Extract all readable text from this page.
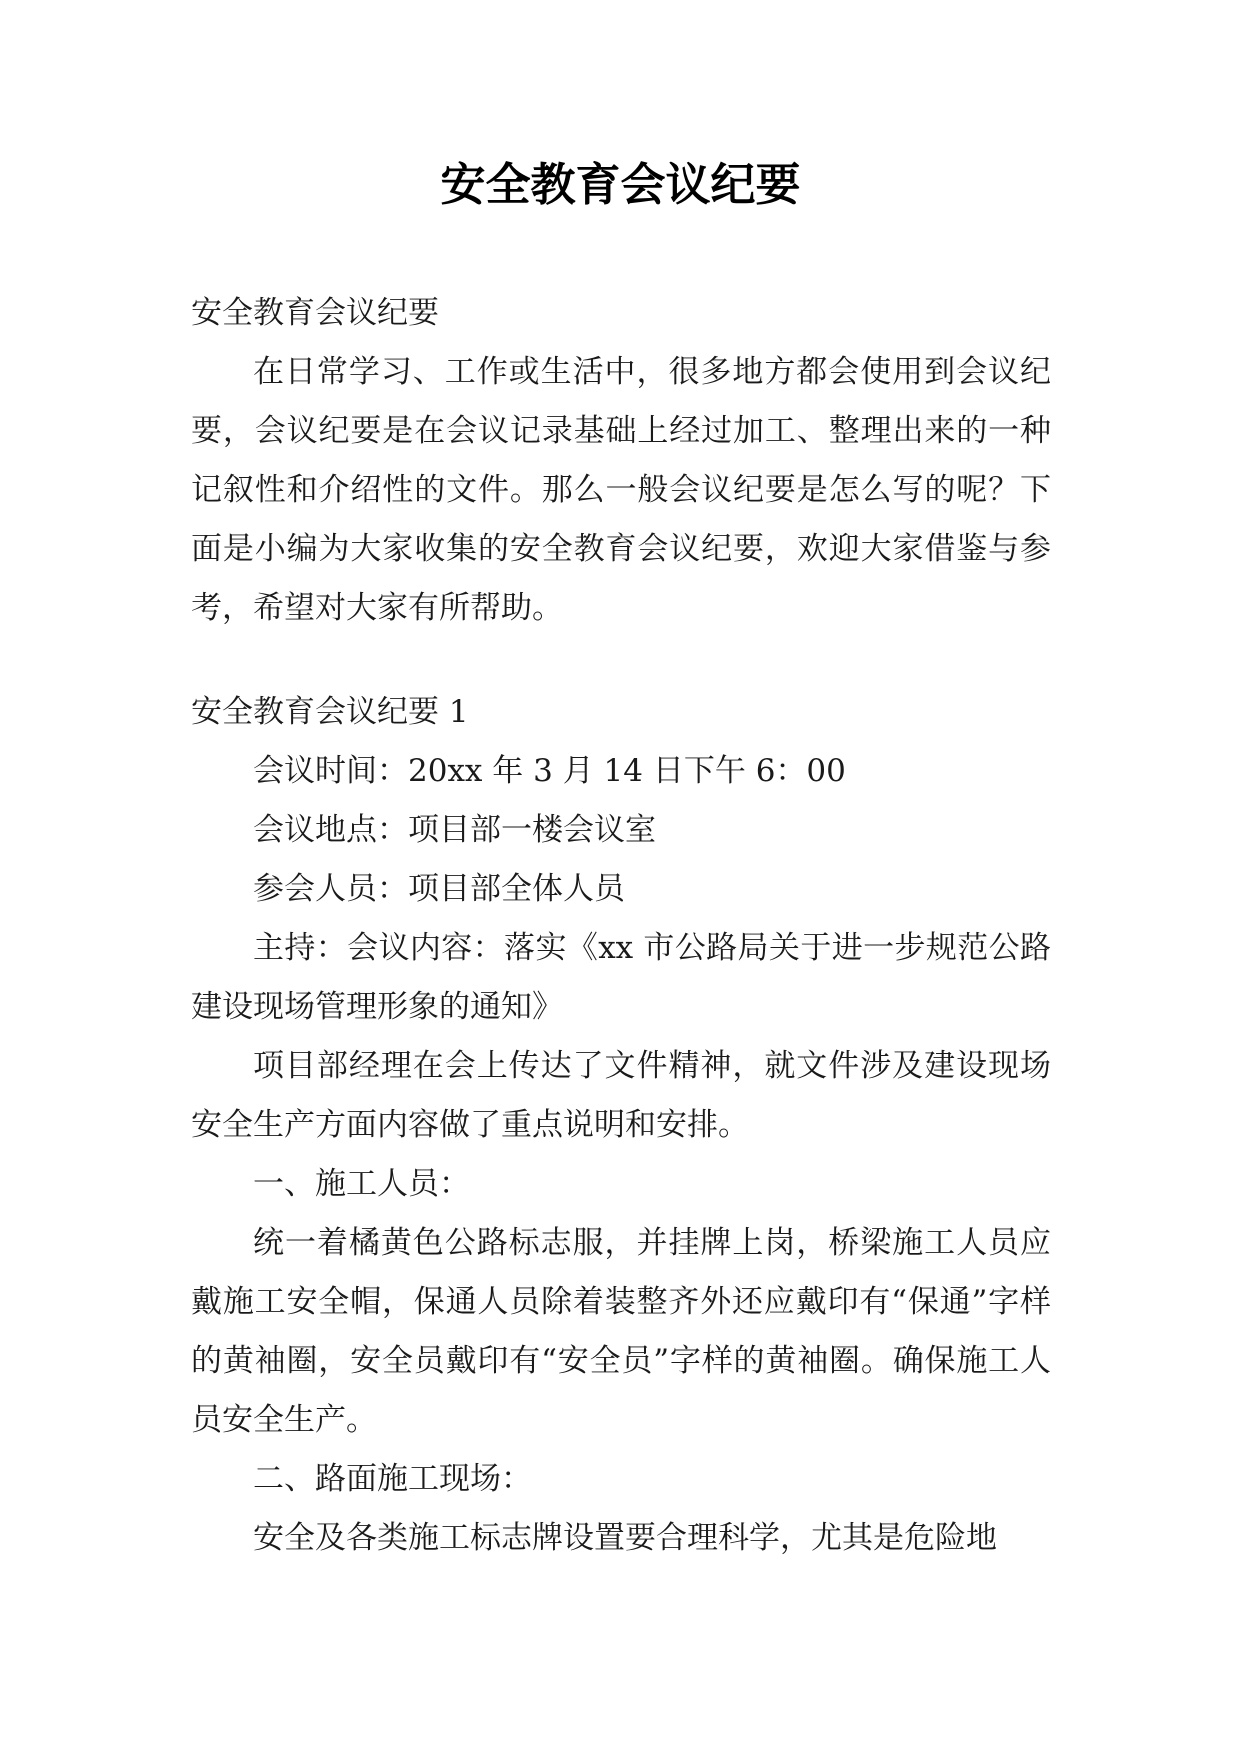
安全教育会议纪要

安全教育会议纪要

在日常学习、工作或生活中，很多地方都会使用到会议纪要，会议纪要是在会议记录基础上经过加工、整理出来的一种记叙性和介绍性的文件。那么一般会议纪要是怎么写的呢？下面是小编为大家收集的安全教育会议纪要，欢迎大家借鉴与参考，希望对大家有所帮助。

安全教育会议纪要 1

会议时间：20xx 年 3 月 14 日下午 6：00

会议地点：项目部一楼会议室

参会人员：项目部全体人员

主持：会议内容：落实《xx 市公路局关于进一步规范公路建设现场管理形象的通知》

项目部经理在会上传达了文件精神，就文件涉及建设现场安全生产方面内容做了重点说明和安排。

一、施工人员：

统一着橘黄色公路标志服，并挂牌上岗，桥梁施工人员应戴施工安全帽，保通人员除着装整齐外还应戴印有“保通”字样的黄袖圈，安全员戴印有“安全员”字样的黄袖圈。确保施工人员安全生产。

二、路面施工现场：

安全及各类施工标志牌设置要合理科学，尤其是危险地
